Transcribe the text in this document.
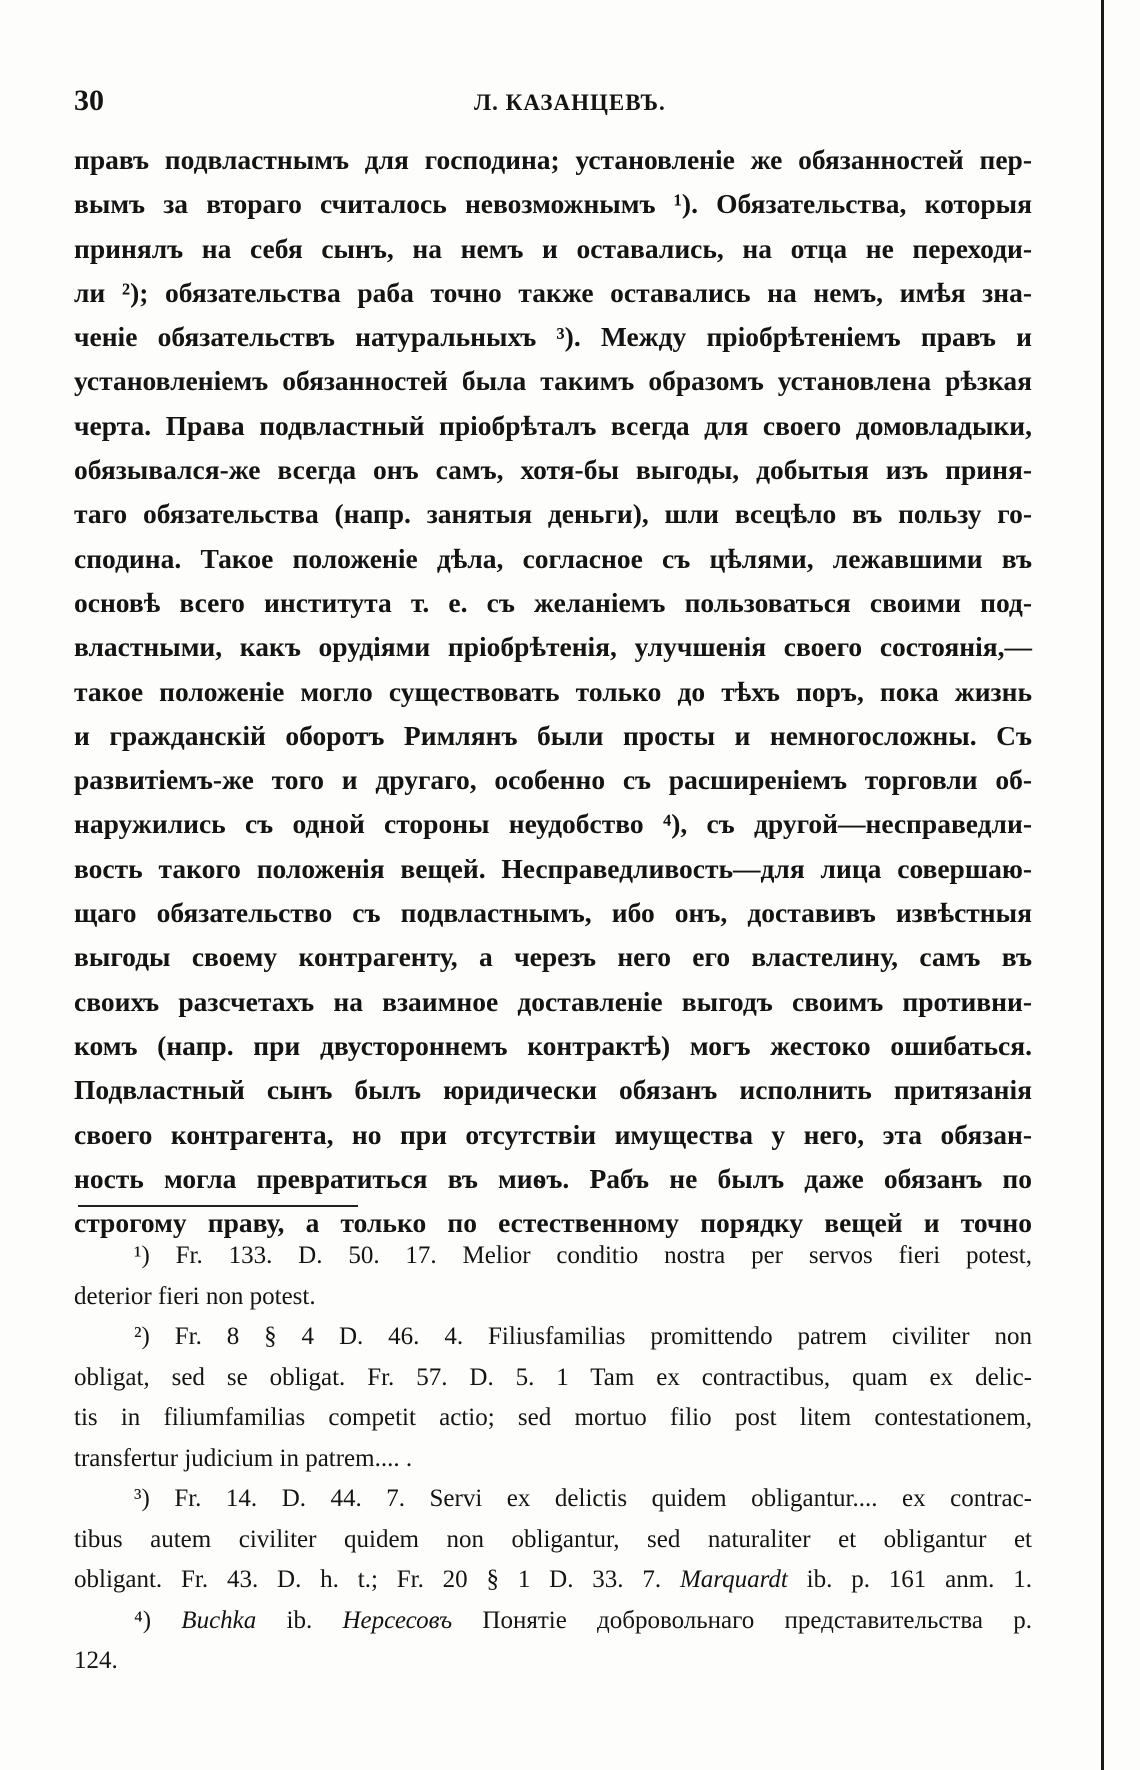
30	Л. КАЗАНЦЕВЪ.
правъ подвластнымъ для господина; установленіе же обязанностей пер-
вымъ за втораго считалось невозможнымъ ¹). Обязательства, которыя
принялъ на себя сынъ, на немъ и оставались, на отца не переходи-
ли ²); обязательства раба точно также оставались на немъ, имѣя зна-
ченіе обязательствъ натуральныхъ ³). Между пріобрѣтеніемъ правъ и
установленіемъ обязанностей была такимъ образомъ установлена рѣзкая
черта. Права подвластный пріобрѣталъ всегда для своего домовладыки,
обязывался-же всегда онъ самъ, хотя-бы выгоды, добытыя изъ приня-
таго обязательства (напр. занятыя деньги), шли всецѣло въ пользу го-
сподина. Такое положеніе дѣла, согласное съ цѣлями, лежавшими въ
основѣ всего института т. е. съ желаніемъ пользоваться своими под-
властными, какъ орудіями пріобрѣтенія, улучшенія своего состоянія,—
такое положеніе могло существовать только до тѣхъ поръ, пока жизнь
и гражданскій оборотъ Римлянъ были просты и немногосложны. Съ
развитіемъ-же того и другаго, особенно съ расширеніемъ торговли об-
наружились съ одной стороны неудобство ⁴), съ другой—несправедли-
вость такого положенія вещей. Несправедливость—для лица совершаю-
щаго обязательство съ подвластнымъ, ибо онъ, доставивъ извѣстныя
выгоды своему контрагенту, а черезъ него его властелину, самъ въ
своихъ разсчетахъ на взаимное доставленіе выгодъ своимъ противни-
комъ (напр. при двустороннемъ контрактѣ) могъ жестоко ошибаться.
Подвластный сынъ былъ юридически обязанъ исполнить притязанія
своего контрагента, но при отсутствіи имущества у него, эта обязан-
ность могла превратиться въ миѳъ. Рабъ не былъ даже обязанъ по
строгому праву, а только по естественному порядку вещей и точно
¹) Fr. 133. D. 50. 17. Melior conditio nostra per servos fieri potest,
deterior fieri non potest.
²) Fr. 8 § 4 D. 46. 4. Filiusfamilias promittendo patrem civiliter non
obligat, sed se obligat. Fr. 57. D. 5. 1 Tam ex contractibus, quam ex delic-
tis in filiumfamilias competit actio; sed mortuo filio post litem contestationem,
transfertur judicium in patrem.... .
³) Fr. 14. D. 44. 7. Servi ex delictis quidem obligantur.... ex contrac-
tibus autem civiliter quidem non obligantur, sed naturaliter et obligantur et
obligant. Fr. 43. D. h. t.; Fr. 20 § 1 D. 33. 7. Marquardt ib. p. 161 anm. 1.
⁴) Buchka ib. Нерсесовъ Понятіе добровольнаго представительства р.
124.
